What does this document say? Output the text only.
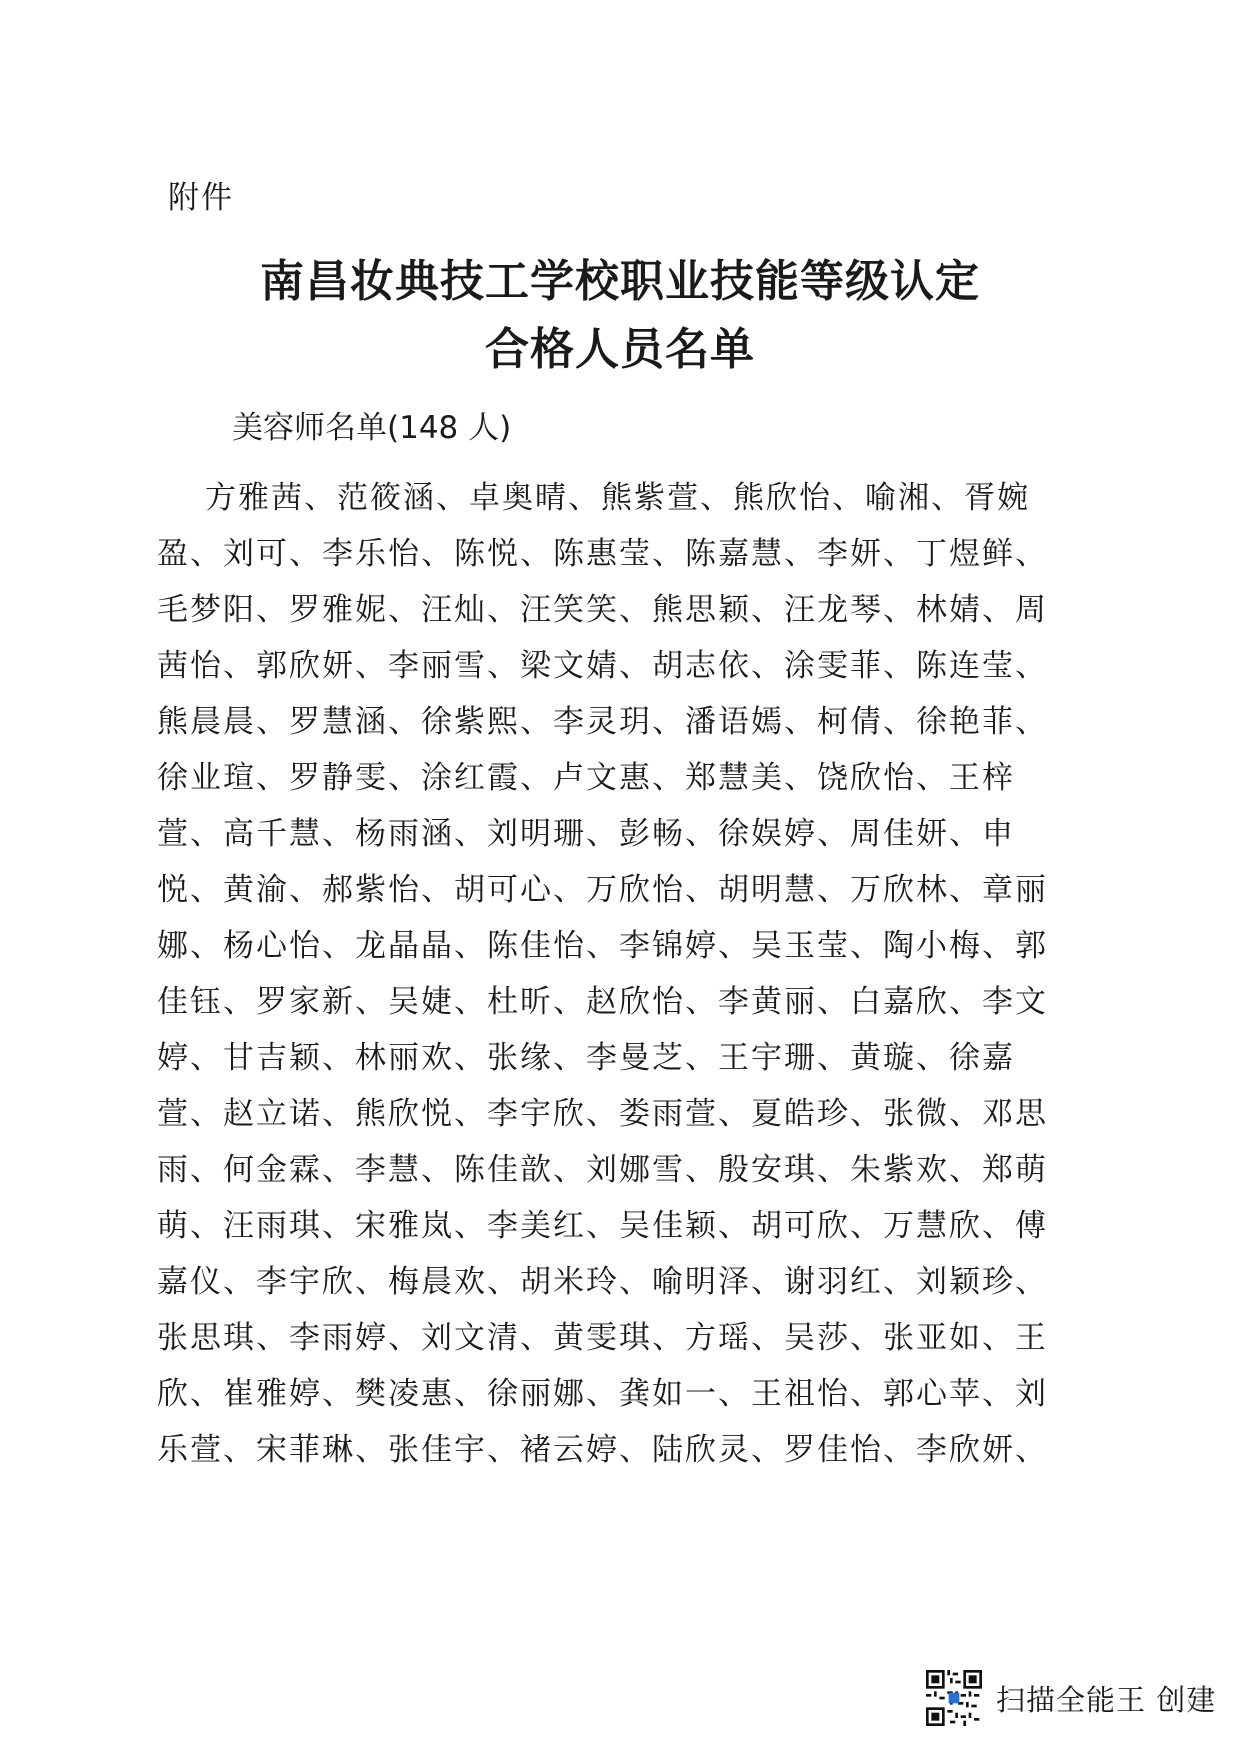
附件
南昌妆典技工学校职业技能等级认定
合格人员名单
美容师名单(148 人)
方雅茜、范筱涵、卓奥晴、熊紫萱、熊欣怡、喻湘、胥婉
盈、刘可、李乐怡、陈悦、陈惠莹、陈嘉慧、李妍、丁煜鲜、
毛梦阳、罗雅妮、汪灿、汪笑笑、熊思颖、汪龙琴、林婧、周
茜怡、郭欣妍、李丽雪、梁文婧、胡志依、涂雯菲、陈连莹、
熊晨晨、罗慧涵、徐紫熙、李灵玥、潘语嫣、柯倩、徐艳菲、
徐业瑄、罗静雯、涂红霞、卢文惠、郑慧美、饶欣怡、王梓
萱、高千慧、杨雨涵、刘明珊、彭畅、徐娱婷、周佳妍、申
悦、黄渝、郝紫怡、胡可心、万欣怡、胡明慧、万欣林、章丽
娜、杨心怡、龙晶晶、陈佳怡、李锦婷、吴玉莹、陶小梅、郭
佳钰、罗家新、吴婕、杜昕、赵欣怡、李黄丽、白嘉欣、李文
婷、甘吉颖、林丽欢、张缘、李曼芝、王宇珊、黄璇、徐嘉
萱、赵立诺、熊欣悦、李宇欣、娄雨萱、夏皓珍、张微、邓思
雨、何金霖、李慧、陈佳歆、刘娜雪、殷安琪、朱紫欢、郑萌
萌、汪雨琪、宋雅岚、李美红、吴佳颖、胡可欣、万慧欣、傅
嘉仪、李宇欣、梅晨欢、胡米玲、喻明泽、谢羽红、刘颖珍、
张思琪、李雨婷、刘文清、黄雯琪、方瑶、吴莎、张亚如、王
欣、崔雅婷、樊凌惠、徐丽娜、龚如一、王祖怡、郭心苹、刘
乐萱、宋菲琳、张佳宇、褚云婷、陆欣灵、罗佳怡、李欣妍、
扫描全能王 创建
